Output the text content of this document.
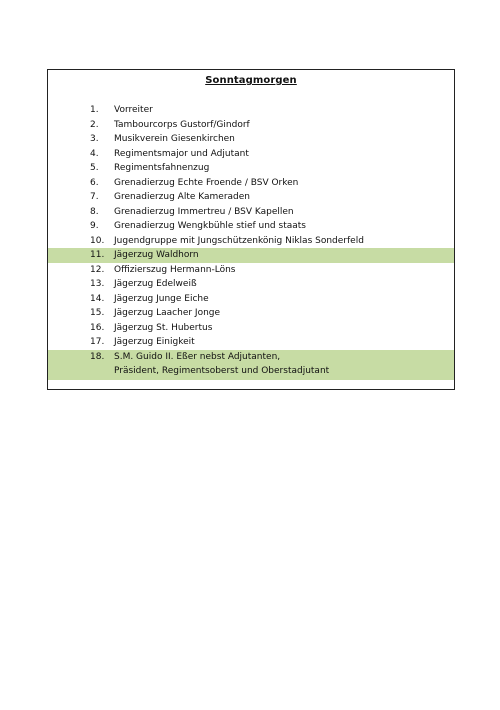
Sonntagmorgen
1.	Vorreiter
2.	Tambourcorps Gustorf/Gindorf
3.	Musikverein Giesenkirchen
4.	Regimentsmajor und Adjutant
5.	Regimentsfahnenzug
6.	Grenadierzug Echte Froende / BSV Orken
7.	Grenadierzug Alte Kameraden
8.	Grenadierzug Immertreu / BSV Kapellen
9.	Grenadierzug Wengkbühle stief und staats
10.	Jugendgruppe mit Jungschützenkönig Niklas Sonderfeld
11.	Jägerzug Waldhorn
12.	Offizierszug Hermann-Löns
13.	Jägerzug Edelweiß
14.	Jägerzug Junge Eiche
15.	Jägerzug Laacher Jonge
16.	Jägerzug St. Hubertus
17.	Jägerzug Einigkeit
18.	S.M. Guido II. Eßer nebst Adjutanten,
Präsident, Regimentsoberst und Oberstadjutant
